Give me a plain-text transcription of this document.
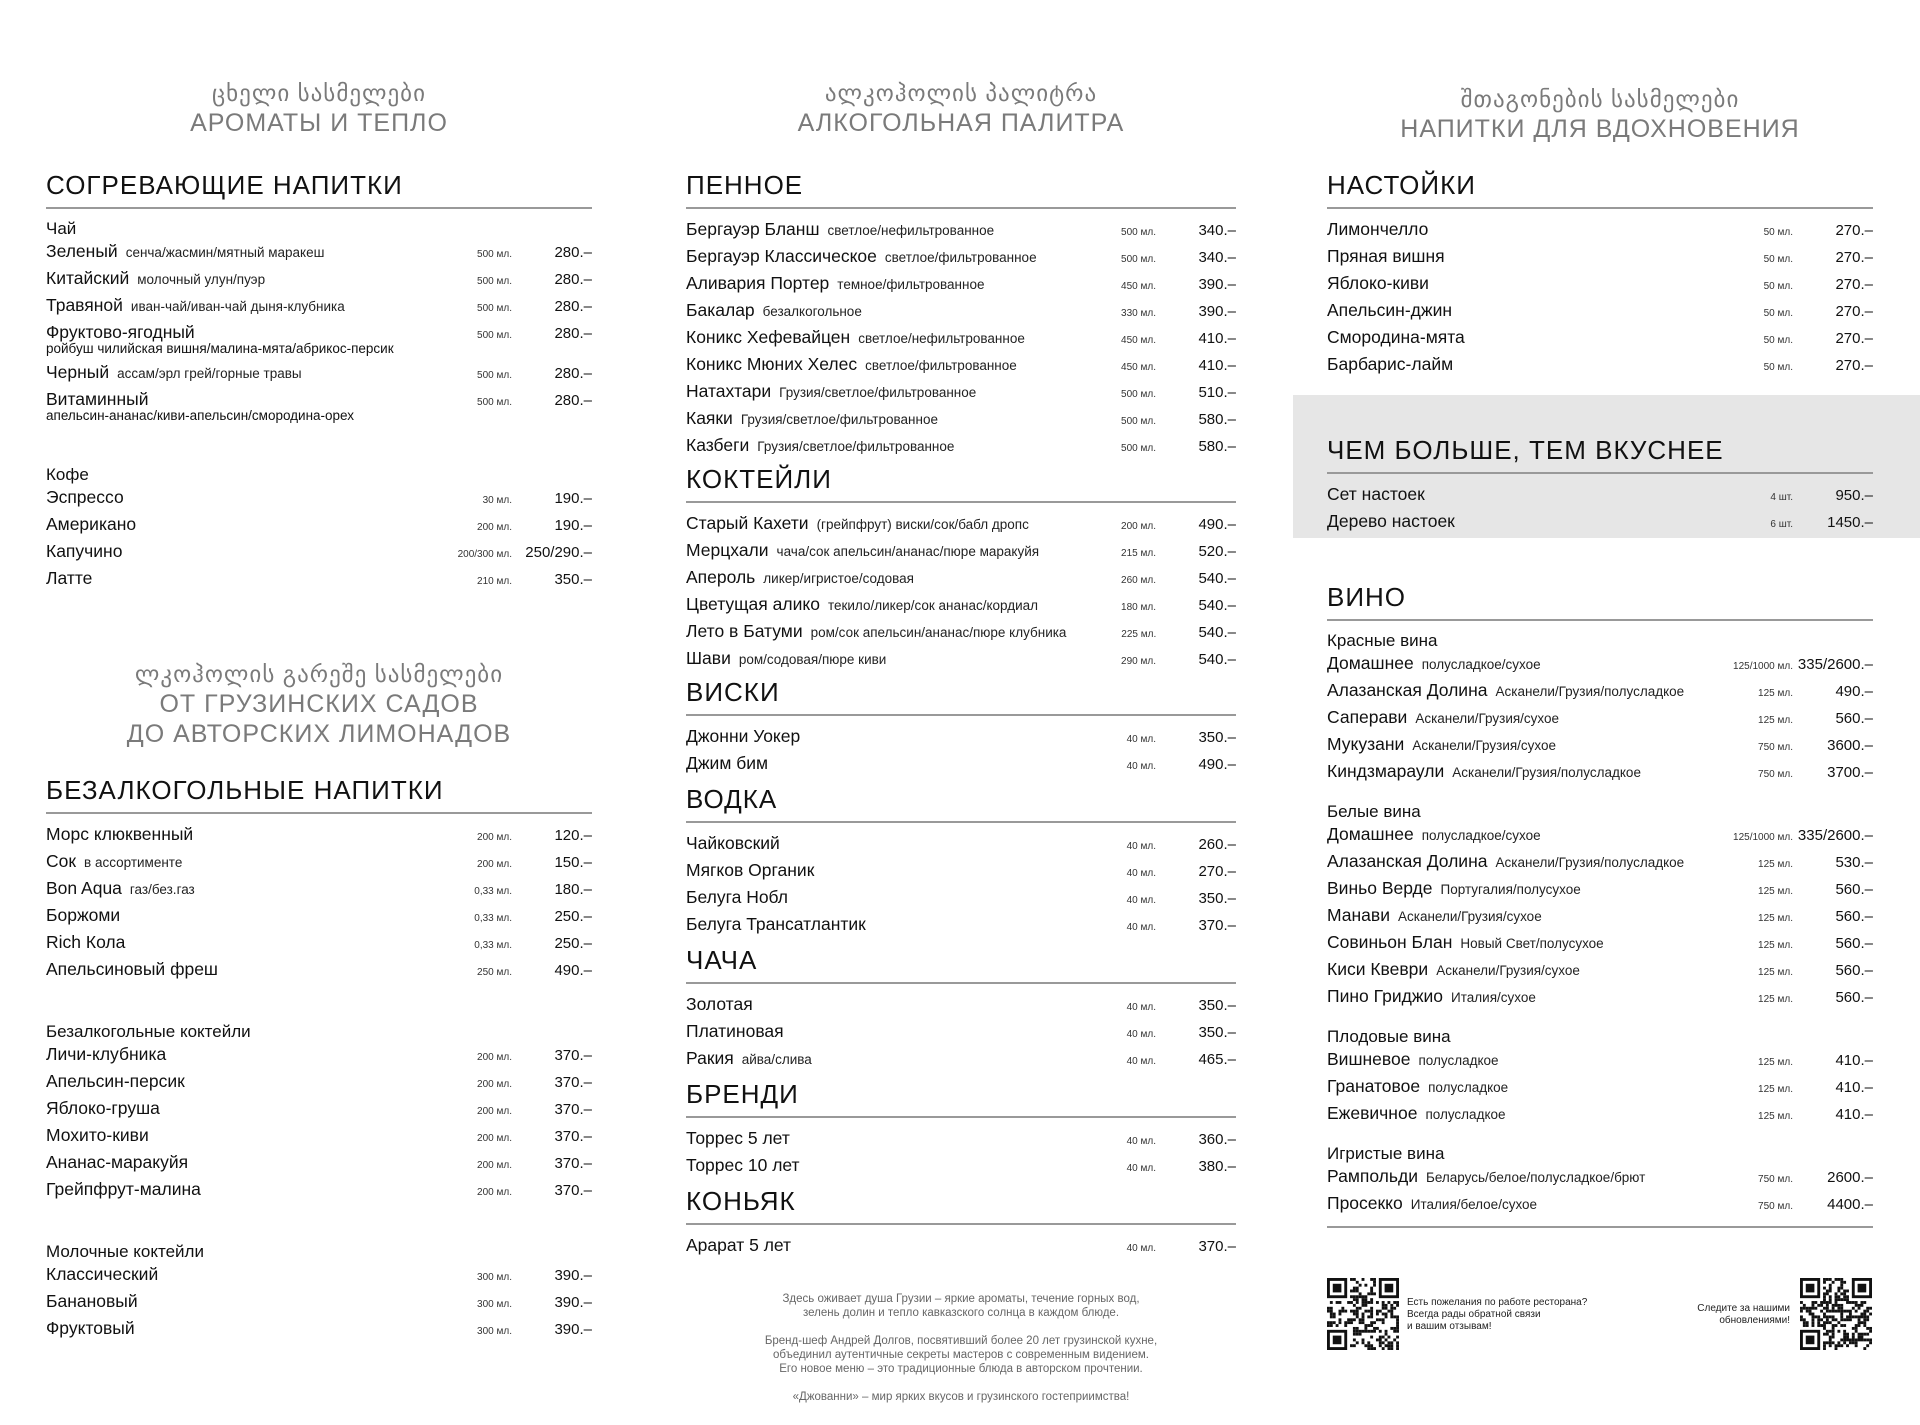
ცხელი სასმელები
АРОМАТЫ И ТЕПЛО
СОГРЕВАЮЩИЕ НАПИТКИ
Чай
Зеленый сенча/жасмин/мятный маракеш	500 мл.	280.–
Китайский молочный улун/пуэр	500 мл.	280.–
Травяной иван-чай/иван-чай дыня-клубника	500 мл.	280.–
Фруктово-ягодный	500 мл.	280.–
ройбуш чилийская вишня/малина-мята/абрикос-персик
Черный ассам/эрл грей/горные травы	500 мл.	280.–
Витаминный	500 мл.	280.–
апельсин-ананас/киви-апельсин/смородина-орех
Кофе
Эспрессо	30 мл.	190.–
Американо	200 мл.	190.–
Капучино	200/300 мл. 250/290.–
Латте	210 мл.	350.–
ლკოჰოლის გარეშე სასმელები
ОТ ГРУЗИНСКИХ САДОВ
ДО АВТОРСКИХ ЛИМОНАДОВ
БЕЗАЛКОГОЛЬНЫЕ НАПИТКИ
Морс клюквенный	200 мл.	120.–
Сок в ассортименте	200 мл.	150.–
Bon Aqua газ/без.газ	0,33 мл.	180.–
Боржоми	0,33 мл.	250.–
Rich Кола	0,33 мл.	250.–
Апельсиновый фреш	250 мл.	490.–
Безалкогольные коктейли
Личи-клубника	200 мл.	370.–
Апельсин-персик	200 мл.	370.–
Яблоко-груша	200 мл.	370.–
Мохито-киви	200 мл.	370.–
Ананас-маракуйя	200 мл.	370.–
Грейпфрут-малина	200 мл.	370.–
Молочные коктейли
Классический	300 мл.	390.–
Банановый	300 мл.	390.–
Фруктовый	300 мл.	390.–
ალკოჰოლის პალიტრა
АЛКОГОЛЬНАЯ ПАЛИТРА
ПЕННОЕ
Бергауэр Бланш светлое/нефильтрованное	500 мл.	340.–
Бергауэр Классическое светлое/фильтрованное	500 мл.	340.–
Аливария Портер темное/фильтрованное	450 мл.	390.–
Бакалар безалкогольное	330 мл.	390.–
Коникс Хефевайцен светлое/нефильтрованное	450 мл.	410.–
Коникс Мюних Хелес светлое/фильтрованное	450 мл.	410.–
Натахтари Грузия/светлое/фильтрованное	500 мл.	510.–
Каяки Грузия/светлое/фильтрованное	500 мл.	580.–
Казбеги Грузия/светлое/фильтрованное	500 мл.	580.–
КОКТЕЙЛИ
Старый Кахети (грейпфрут) виски/сок/бабл дропс	200 мл.	490.–
Мерцхали чача/сок апельсин/ананас/пюре маракуйя	215 мл.	520.–
Апероль ликер/игристое/содовая	260 мл.	540.–
Цветущая алико текило/ликер/сок ананас/кордиал	180 мл.	540.–
Лето в Батуми ром/сок апельсин/ананас/пюре клубника	225 мл.	540.–
Шави ром/содовая/пюре киви	290 мл.	540.–
ВИСКИ
Джонни Уокер	40 мл.	350.–
Джим бим	40 мл.	490.–
ВОДКА
Чайковский	40 мл.	260.–
Мягков Органик	40 мл.	270.–
Белуга Нобл	40 мл.	350.–
Белуга Трансатлантик	40 мл.	370.–
ЧАЧА
Золотая	40 мл.	350.–
Платиновая	40 мл.	350.–
Ракия айва/слива	40 мл.	465.–
БРЕНДИ
Торрес 5 лет	40 мл.	360.–
Торрес 10 лет	40 мл.	380.–
КОНЬЯК
Арарат 5 лет	40 мл.	370.–

Здесь оживает душа Грузии – яркие ароматы, течение горных вод,
зелень долин и тепло кавказского солнца в каждом блюде.

Бренд-шеф Андрей Долгов, посвятивший более 20 лет грузинской кухне,
объединил аутентичные секреты мастеров с современным видением.
Его новое меню – это традиционные блюда в авторском прочтении.

«Джованни» – мир ярких вкусов и грузинского гостеприимства!

შთაგონების სასმელები
НАПИТКИ ДЛЯ ВДОХНОВЕНИЯ
НАСТОЙКИ
Лимончелло	50 мл.	270.–
Пряная вишня	50 мл.	270.–
Яблоко-киви	50 мл.	270.–
Апельсин-джин	50 мл.	270.–
Смородина-мята	50 мл.	270.–
Барбарис-лайм	50 мл.	270.–
ЧЕМ БОЛЬШЕ, ТЕМ ВКУСНЕЕ
Сет настоек	4 шт.	950.–
Дерево настоек	6 шт.	1450.–
ВИНО
Красные вина
Домашнее полусладкое/сухое	125/1000 мл. 335/2600.–
Алазанская Долина Асканели/Грузия/полусладкое	125 мл.	490.–
Саперави Асканели/Грузия/сухое	125 мл.	560.–
Мукузани Асканели/Грузия/сухое	750 мл.	3600.–
Киндзмараули Асканели/Грузия/полусладкое	750 мл.	3700.–
Белые вина
Домашнее полусладкое/сухое	125/1000 мл. 335/2600.–
Алазанская Долина Асканели/Грузия/полусладкое	125 мл.	530.–
Виньо Верде Португалия/полусухое	125 мл.	560.–
Манави Асканели/Грузия/сухое	125 мл.	560.–
Совиньон Блан Новый Свет/полусухое	125 мл.	560.–
Киси Квеври Асканели/Грузия/сухое	125 мл.	560.–
Пино Гриджио Италия/сухое	125 мл.	560.–
Плодовые вина
Вишневое полусладкое	125 мл.	410.–
Гранатовое полусладкое	125 мл.	410.–
Ежевичное полусладкое	125 мл.	410.–
Игристые вина
Рампольди Беларусь/белое/полусладкое/брют	750 мл.	2600.–
Просекко Италия/белое/сухое	750 мл.	4400.–
Есть пожелания по работе ресторана?
Всегда рады обратной связи
и вашим отзывам!
Следите за нашими
обновлениями!
